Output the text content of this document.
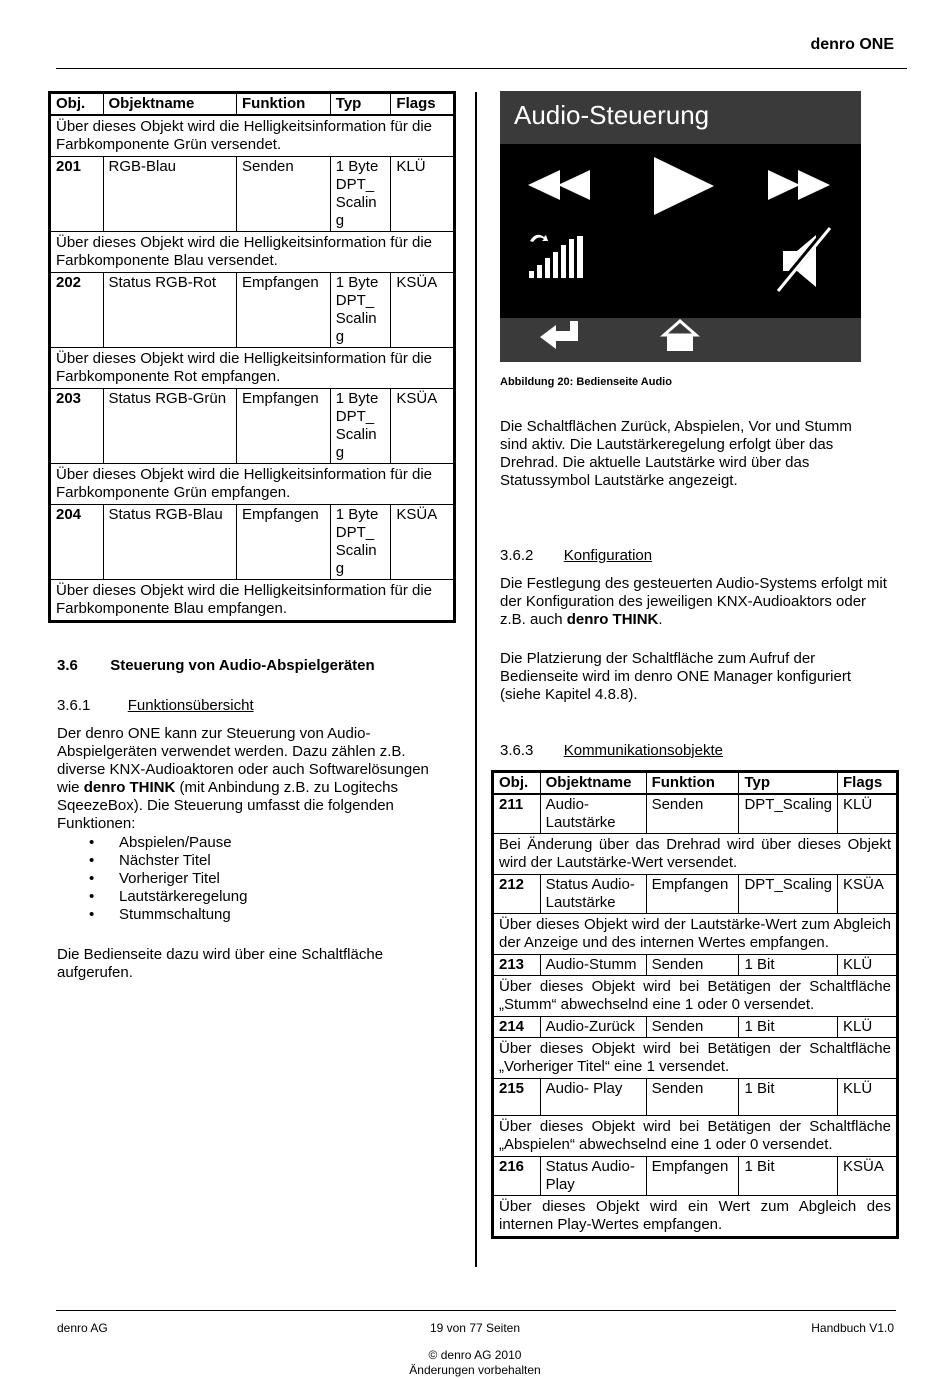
denro ONE
Obj.	Objektname	Funktion	Typ	Flags
Über dieses Objekt wird die Helligkeitsinformation für die Farbkomponente Grün versendet.				
201	RGB-Blau	Senden	1 Byte DPT_ Scalin g	KLÜ
Über dieses Objekt wird die Helligkeitsinformation für die Farbkomponente Blau versendet.				
202	Status RGB-Rot	Empfangen	1 Byte DPT_ Scalin g	KSÜA
Über dieses Objekt wird die Helligkeitsinformation für die Farbkomponente Rot empfangen.				
203	Status RGB-Grün	Empfangen	1 Byte DPT_ Scalin g	KSÜA
Über dieses Objekt wird die Helligkeitsinformation für die Farbkomponente Grün empfangen.				
204	Status RGB-Blau	Empfangen	1 Byte DPT_ Scalin g	KSÜA
Über dieses Objekt wird die Helligkeitsinformation für die Farbkomponente Blau empfangen.				
3.6 Steuerung von Audio-Abspielgeräten
3.6.1 Funktionsübersicht
Der denro ONE kann zur Steuerung von Audio-Abspielgeräten verwendet werden. Dazu zählen z.B. diverse KNX-Audioaktoren oder auch Softwarelösungen wie denro THINK (mit Anbindung z.B. zu Logitechs SqeezeBox). Die Steuerung umfasst die folgenden Funktionen:
• Abspielen/Pause
• Nächster Titel
• Vorheriger Titel
• Lautstärkeregelung
• Stummschaltung
Die Bedienseite dazu wird über eine Schaltfläche aufgerufen.
Audio-Steuerung
Abbildung 20: Bedienseite Audio
Die Schaltflächen Zurück, Abspielen, Vor und Stumm sind aktiv. Die Lautstärkeregelung erfolgt über das Drehrad. Die aktuelle Lautstärke wird über das Statussymbol Lautstärke angezeigt.
3.6.2 Konfiguration
Die Festlegung des gesteuerten Audio-Systems erfolgt mit der Konfiguration des jeweiligen KNX-Audioaktors oder z.B. auch denro THINK.
Die Platzierung der Schaltfläche zum Aufruf der Bedienseite wird im denro ONE Manager konfiguriert (siehe Kapitel 4.8.8).
3.6.3 Kommunikationsobjekte
Obj.	Objektname	Funktion	Typ	Flags
211	Audio-Lautstärke	Senden	DPT_Scaling	KLÜ
Bei Änderung über das Drehrad wird über dieses Objekt wird der Lautstärke-Wert versendet.				
212	Status Audio-Lautstärke	Empfangen	DPT_Scaling	KSÜA
Über dieses Objekt wird der Lautstärke-Wert zum Abgleich der Anzeige und des internen Wertes empfangen.				
213	Audio-Stumm	Senden	1 Bit	KLÜ
Über dieses Objekt wird bei Betätigen der Schaltfläche „Stumm“ abwechselnd eine 1 oder 0 versendet.				
214	Audio-Zurück	Senden	1 Bit	KLÜ
Über dieses Objekt wird bei Betätigen der Schaltfläche „Vorheriger Titel“ eine 1 versendet.				
215	Audio- Play	Senden	1 Bit	KLÜ
Über dieses Objekt wird bei Betätigen der Schaltfläche „Abspielen“ abwechselnd eine 1 oder 0 versendet.				
216	Status Audio-Play	Empfangen	1 Bit	KSÜA
Über dieses Objekt wird ein Wert zum Abgleich des internen Play-Wertes empfangen.				
denro AG	19 von 77 Seiten	Handbuch V1.0
© denro AG 2010
Änderungen vorbehalten
